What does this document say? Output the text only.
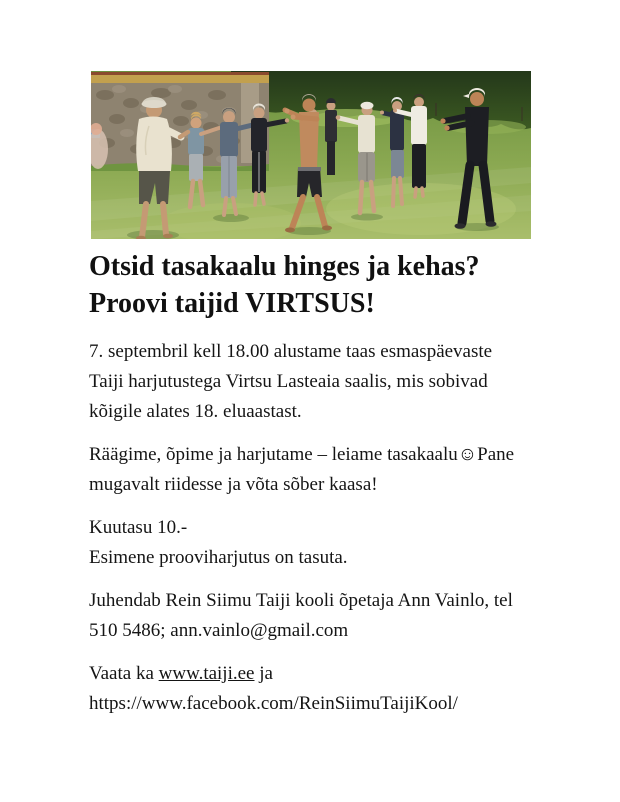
Otsid tasakaalu hinges ja kehas?
Proovi taijid VIRTSUS!

7. septembril kell 18.00 alustame taas esmaspäevaste
Taiji harjutustega Virtsu Lasteaia saalis, mis sobivad
kõigile alates 18. eluaastast.

Räägime, õpime ja harjutame – leiame tasakaalu☺Pane
mugavalt riidesse ja võta sõber kaasa!

Kuutasu 10.-
Esimene prooviharjutus on tasuta.

Juhendab Rein Siimu Taiji kooli õpetaja Ann Vainlo, tel
510 5486; ann.vainlo@gmail.com

Vaata ka www.taiji.ee ja
https://www.facebook.com/ReinSiimuTaijiKool/
